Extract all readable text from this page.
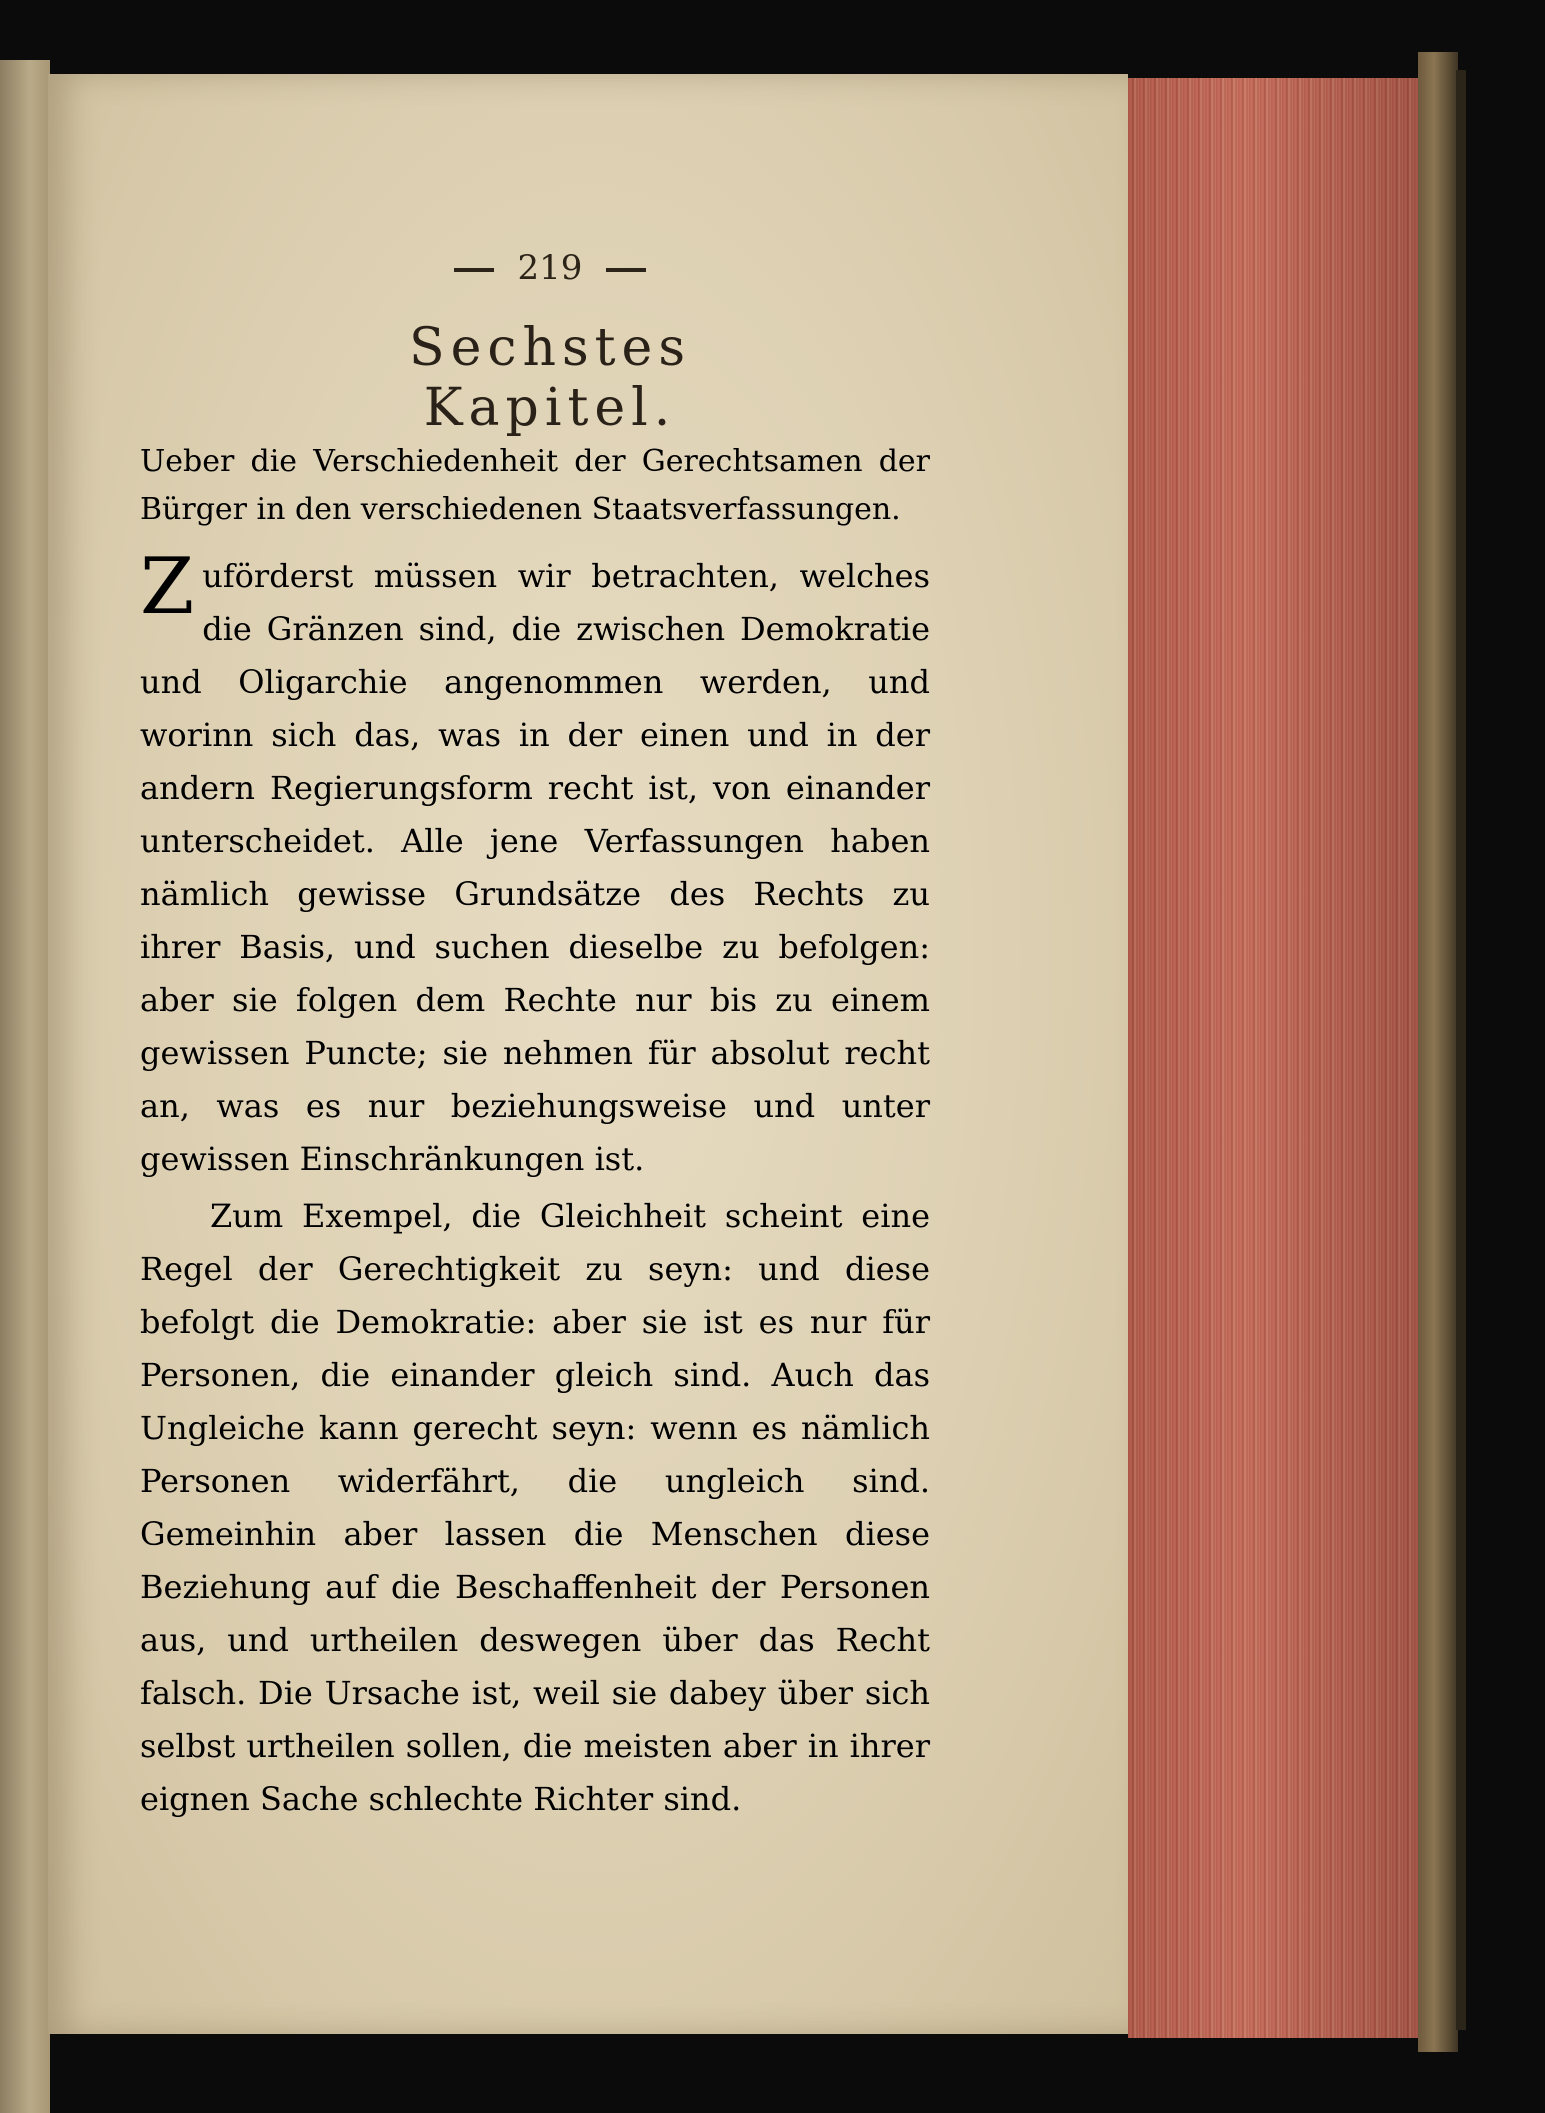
219
Sechstes Kapitel.
Ueber die Verschiedenheit der Gerechtsamen der Bürger in den verschiedenen Staatsverfassungen.

Zuförderst müssen wir betrachten, welches die Gränzen sind, die zwischen Demokratie und Oligarchie angenommen werden, und worinn sich das, was in der einen und in der andern Regierungsform recht ist, von einander unterscheidet. Alle jene Verfassungen haben nämlich gewisse Grundsätze des Rechts zu ihrer Basis, und suchen dieselbe zu befolgen: aber sie folgen dem Rechte nur bis zu einem gewissen Puncte; sie nehmen für absolut recht an, was es nur beziehungsweise und unter gewissen Einschränkungen ist.

Zum Exempel, die Gleichheit scheint eine Regel der Gerechtigkeit zu seyn: und diese befolgt die Demokratie: aber sie ist es nur für Personen, die einander gleich sind. Auch das Ungleiche kann gerecht seyn: wenn es nämlich Personen widerfährt, die ungleich sind. Gemeinhin aber lassen die Menschen diese Beziehung auf die Beschaffenheit der Personen aus, und urtheilen deswegen über das Recht falsch. Die Ursache ist, weil sie dabey über sich selbst urtheilen sollen, die meisten aber in ihrer eignen Sache schlechte Richter sind.
